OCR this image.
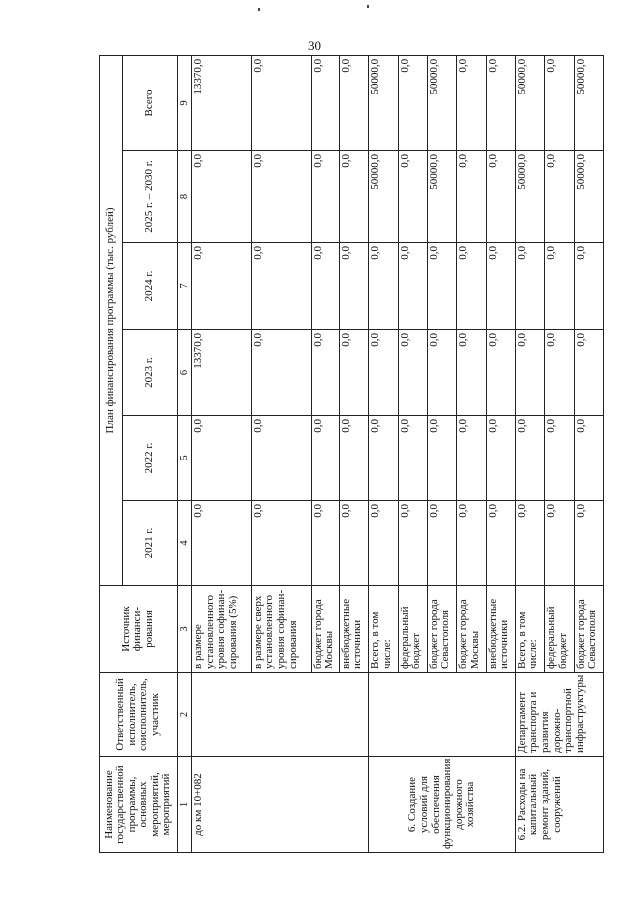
30
Наименование государственной программы, основных мероприятий, мероприятий	Ответственный исполнитель, соисполнитель, участник	Источник финанси-рования	План финансирования программы (тыс. рублей)					
			2021 г.	2022 г.	2023 г.	2024 г.	2025 г. – 2030 г.	Всего
1	2	3	4	5	6	7	8	9
до км 10+082		в размере установленного уровня софинан-сирования (5%)	0,0	0,0	13370,0	0,0	0,0	13370,0
		в размере сверх установленного уровня софинан-сирования	0,0	0,0	0,0	0,0	0,0	0,0
		бюджет города Москвы	0,0	0,0	0,0	0,0	0,0	0,0
		внебюджетные источники	0,0	0,0	0,0	0,0	0,0	0,0
6. Создание условий для обеспечения функционирования дорожного хозяйства		Всего, в том числе:	0,0	0,0	0,0	0,0	50000,0	50000,0
		федеральный бюджет	0,0	0,0	0,0	0,0	0,0	0,0
		бюджет города Севастополя	0,0	0,0	0,0	0,0	50000,0	50000,0
		бюджет города Москвы	0,0	0,0	0,0	0,0	0,0	0,0
		внебюджетные источники	0,0	0,0	0,0	0,0	0,0	0,0
6.2. Расходы на капитальный ремонт зданий, сооружений	Департамент транспорта и развития дорожно-транспортной инфраструктуры	Всего, в том числе:	0,0	0,0	0,0	0,0	50000,0	50000,0
		федеральный бюджет	0,0	0,0	0,0	0,0	0,0	0,0
		бюджет города Севастополя	0,0	0,0	0,0	0,0	50000,0	50000,0
